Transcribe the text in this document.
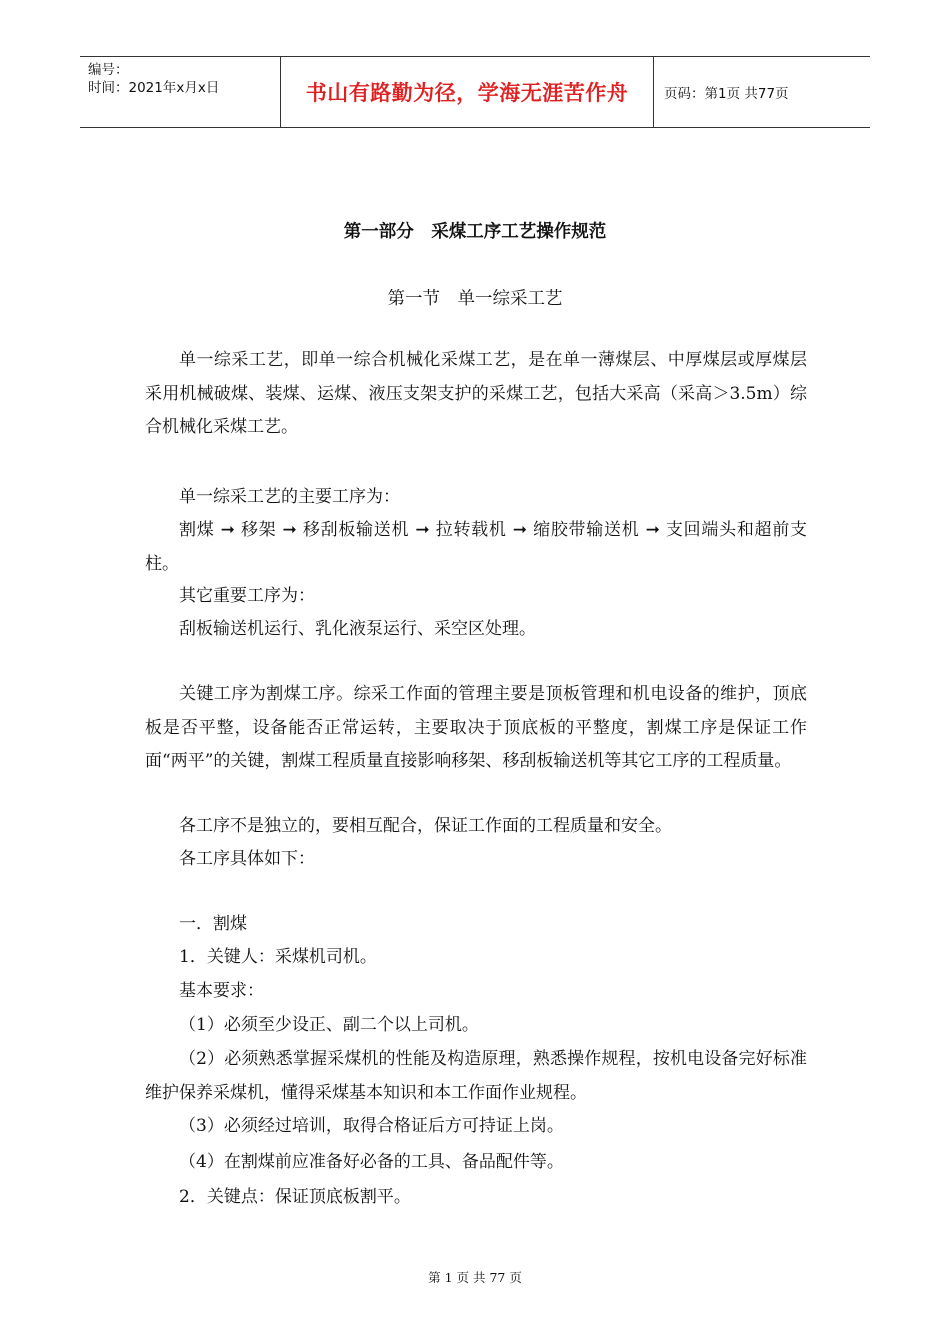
编号：
时间：2021年x月x日	书山有路勤为径，学海无涯苦作舟	页码：第1页 共77页
第一部分　采煤工序工艺操作规范
第一节　单一综采工艺
单一综采工艺，即单一综合机械化采煤工艺，是在单一薄煤层、中厚煤层或厚煤层采用机械破煤、装煤、运煤、液压支架支护的采煤工艺，包括大采高（采高＞3.5m）综合机械化采煤工艺。
单一综采工艺的主要工序为：
割煤 ➞ 移架 ➞ 移刮板输送机 ➞ 拉转载机 ➞ 缩胶带输送机 ➞ 支回端头和超前支柱。
其它重要工序为：
刮板输送机运行、乳化液泵运行、采空区处理。
关键工序为割煤工序。综采工作面的管理主要是顶板管理和机电设备的维护，顶底板是否平整，设备能否正常运转，主要取决于顶底板的平整度，割煤工序是保证工作面“两平”的关键，割煤工程质量直接影响移架、移刮板输送机等其它工序的工程质量。
各工序不是独立的，要相互配合，保证工作面的工程质量和安全。
各工序具体如下：
一．割煤
1．关键人：采煤机司机。
基本要求：
（1）必须至少设正、副二个以上司机。
（2）必须熟悉掌握采煤机的性能及构造原理，熟悉操作规程，按机电设备完好标准维护保养采煤机，懂得采煤基本知识和本工作面作业规程。
（3）必须经过培训，取得合格证后方可持证上岗。
（4）在割煤前应准备好必备的工具、备品配件等。
2．关键点：保证顶底板割平。
第 1 页 共 77 页
